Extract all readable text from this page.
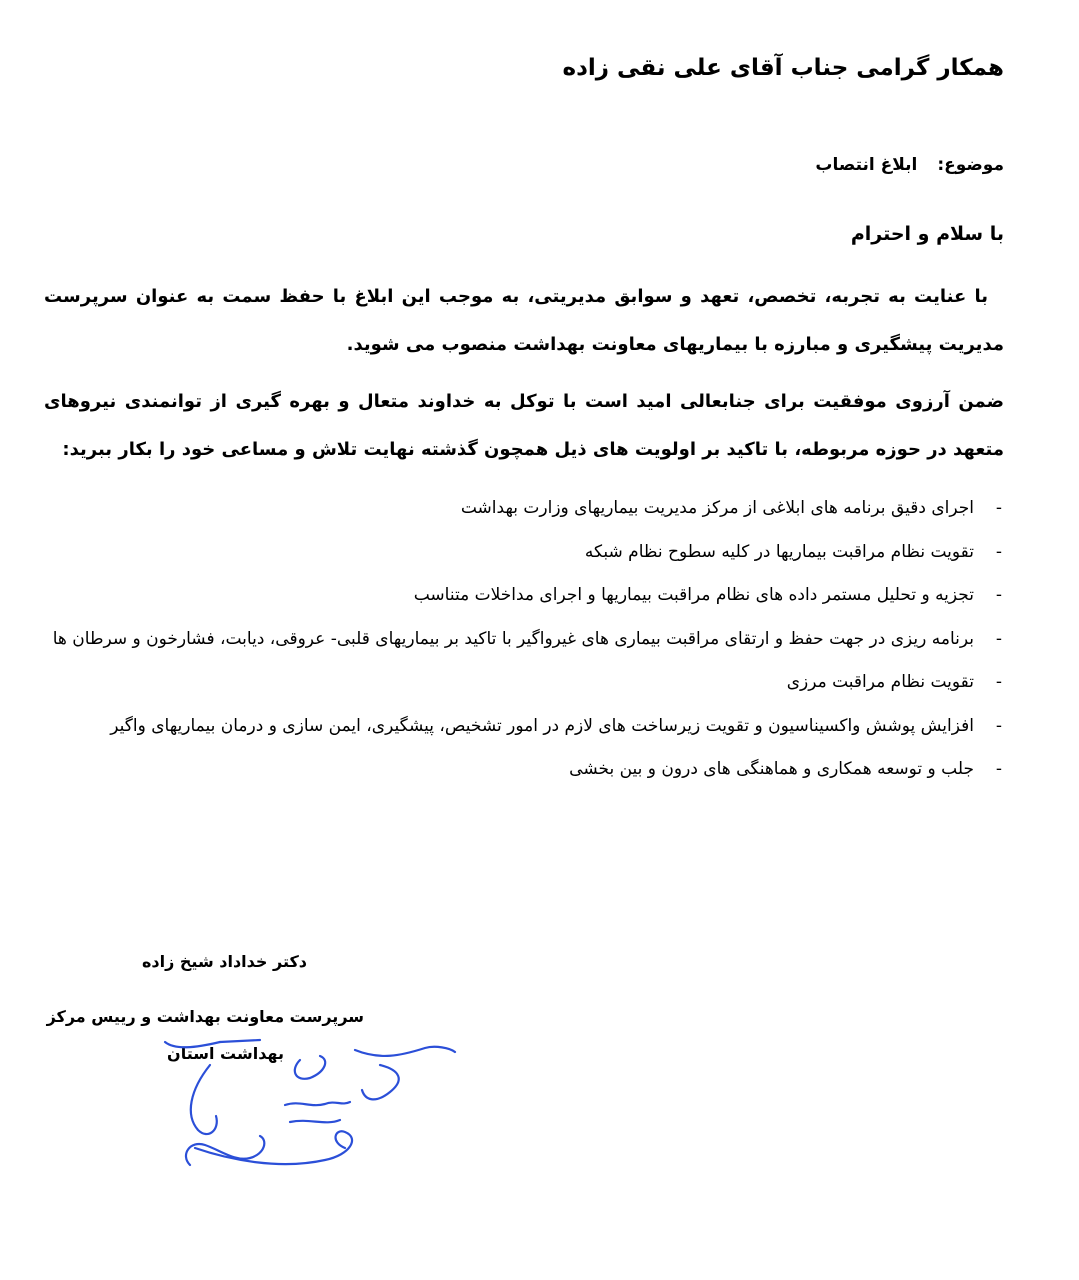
همکار گرامی جناب آقای علی نقی زاده
موضوع: ابلاغ انتصاب
با سلام و احترام
با عنایت به تجربه، تخصص، تعهد و سوابق مدیریتی، به موجب این ابلاغ با حفظ سمت به عنوان سرپرست مدیریت پیشگیری و مبارزه با بیماریهای معاونت بهداشت منصوب می شوید.
ضمن آرزوی موفقیت برای جنابعالی امید است با توکل به خداوند متعال و بهره گیری از توانمندی نیروهای متعهد در حوزه مربوطه، با تاکید بر اولویت های ذیل همچون گذشته نهایت تلاش و مساعی خود را بکار ببرید:
-
اجرای دقیق برنامه های ابلاغی از مرکز مدیریت بیماریهای وزارت بهداشت
-
تقویت نظام مراقبت بیماریها در کلیه سطوح نظام شبکه
-
تجزیه و تحلیل مستمر داده های نظام مراقبت بیماریها و اجرای مداخلات متناسب
-
برنامه ریزی در جهت حفظ و ارتقای مراقبت بیماری های غیرواگیر با تاکید بر بیماریهای قلبی- عروقی، دیابت، فشارخون و سرطان ها
-
تقویت نظام مراقبت مرزی
-
افزایش پوشش واکسیناسیون و تقویت زیرساخت های لازم در امور تشخیص، پیشگیری، ایمن سازی و درمان بیماریهای واگیر
-
جلب و توسعه همکاری و هماهنگی های درون و بین بخشی
دکتر خداداد شیخ زاده
سرپرست معاونت بهداشت و رییس مرکز
بهداشت استان
